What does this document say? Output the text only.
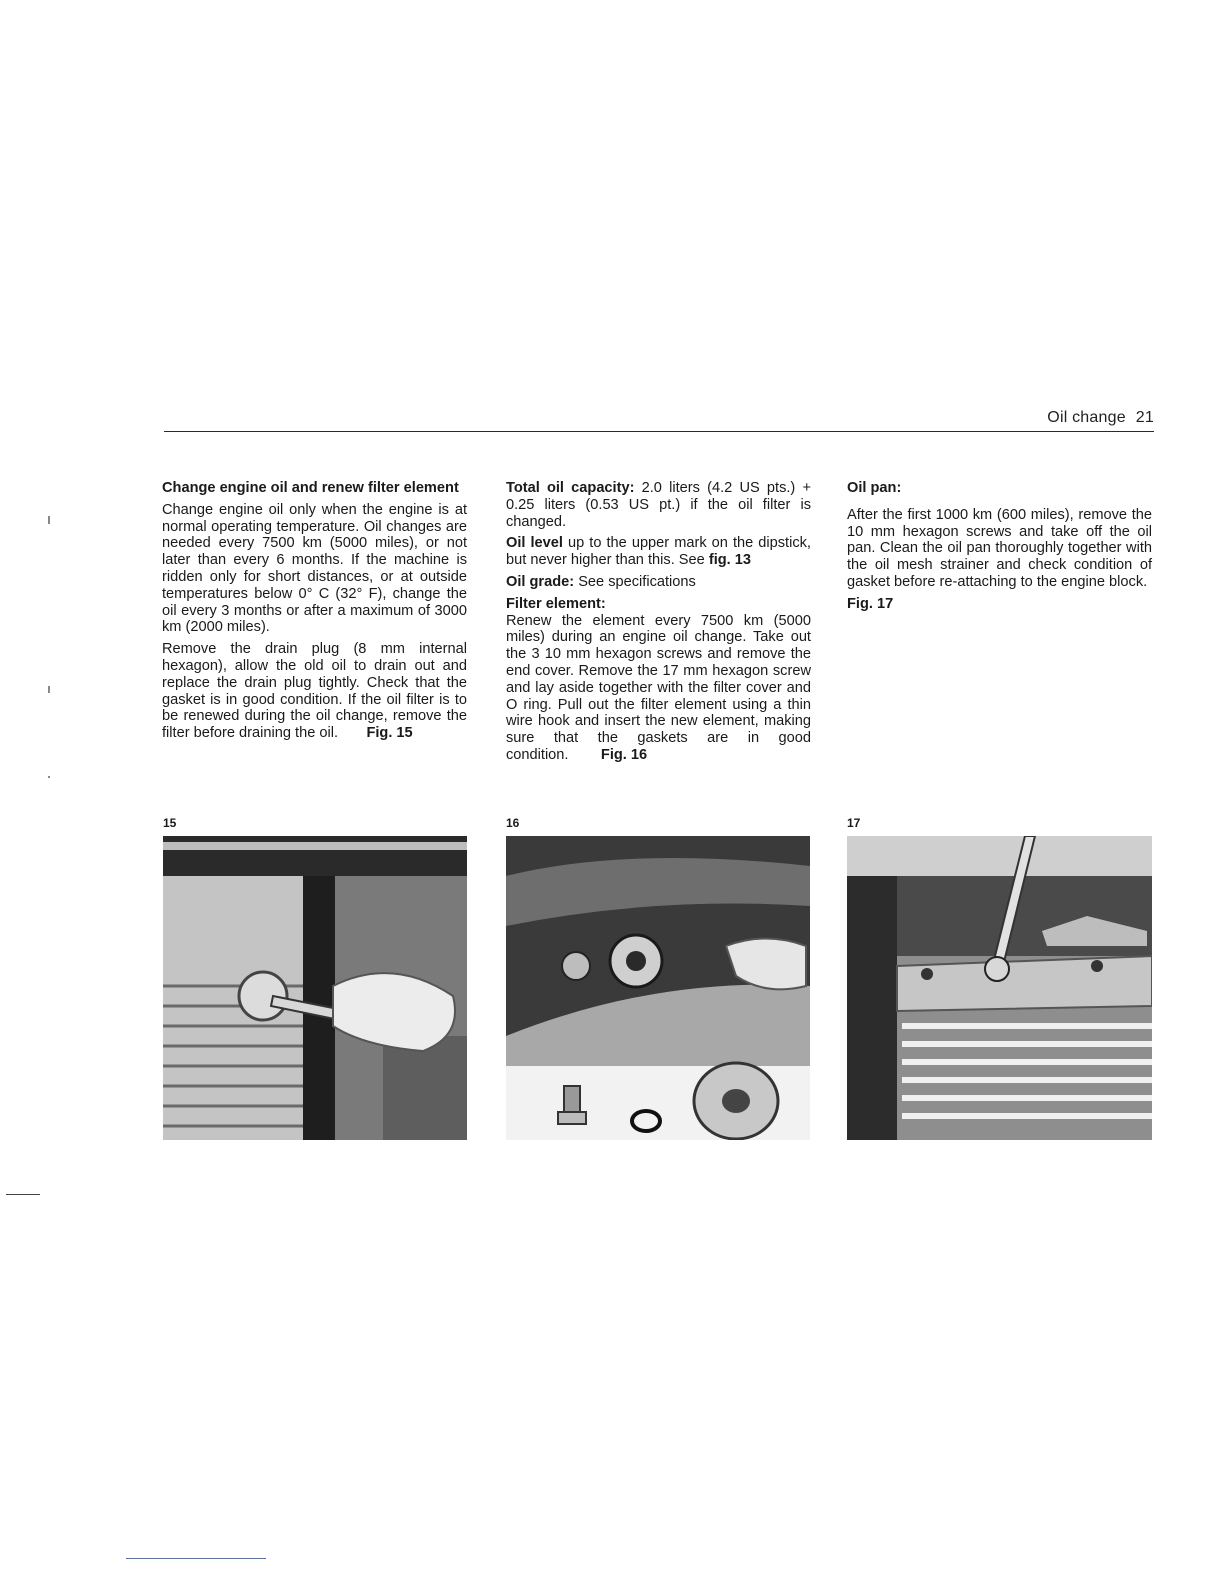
Oil change 21
Change engine oil and renew filter element

Change engine oil only when the engine is at normal operating temperature. Oil changes are needed every 7500 km (5000 miles), or not later than every 6 months. If the machine is ridden only for short distances, or at outside temperatures below 0° C (32° F), change the oil every 3 months or after a maximum of 3000 km (2000 miles).

Remove the drain plug (8 mm internal hexagon), allow the old oil to drain out and replace the drain plug tightly. Check that the gasket is in good condition. If the oil filter is to be renewed during the oil change, remove the filter before draining the oil. Fig. 15

Total oil capacity: 2.0 liters (4.2 US pts.) + 0.25 liters (0.53 US pt.) if the oil filter is changed.

Oil level up to the upper mark on the dipstick, but never higher than this. See fig. 13

Oil grade: See specifications

Filter element:

Renew the element every 7500 km (5000 miles) during an engine oil change. Take out the 3 10 mm hexagon screws and remove the end cover. Remove the 17 mm hexagon screw and lay aside together with the filter cover and O ring. Pull out the filter element using a thin wire hook and insert the new element, making sure that the gaskets are in good condition. Fig. 16

Oil pan:

After the first 1000 km (600 miles), remove the 10 mm hexagon screws and take off the oil pan. Clean the oil pan thoroughly together with the oil mesh strainer and check condition of gasket before re-attaching to the engine block.

Fig. 17

15	16	17
